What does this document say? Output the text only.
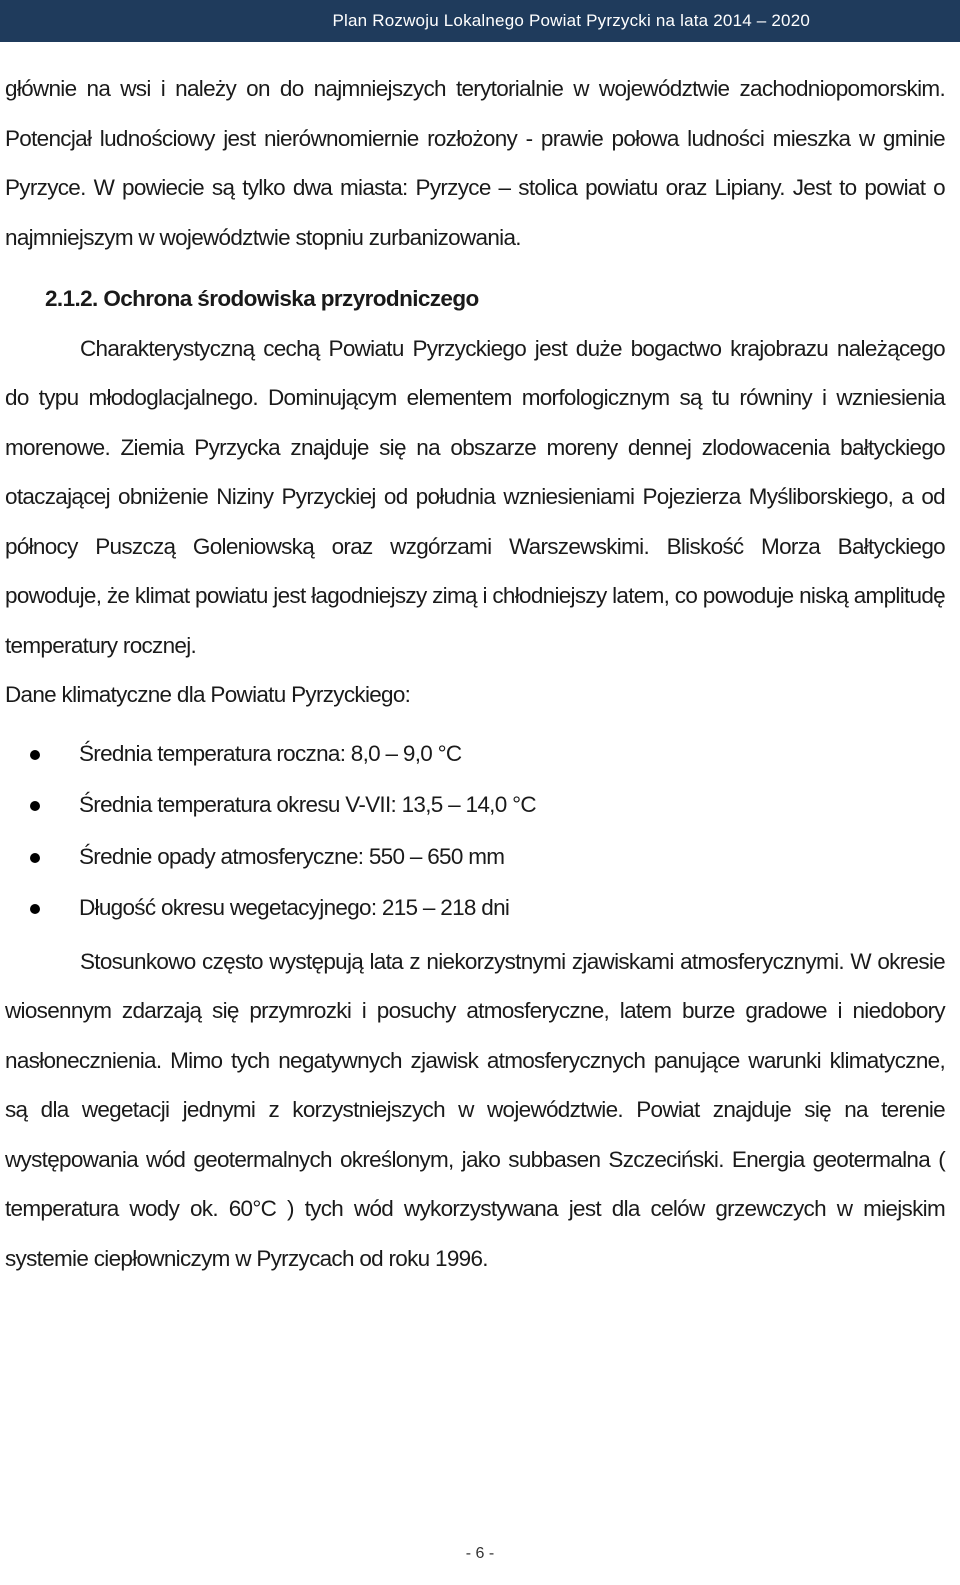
Plan Rozwoju Lokalnego Powiat Pyrzycki na lata 2014 – 2020

głównie na wsi i należy on do najmniejszych terytorialnie w województwie zachodniopomorskim. Potencjał ludnościowy jest nierównomiernie rozłożony - prawie połowa ludności mieszka w gminie Pyrzyce. W powiecie są tylko dwa miasta: Pyrzyce – stolica powiatu oraz Lipiany. Jest to powiat o najmniejszym w województwie stopniu zurbanizowania.

2.1.2. Ochrona środowiska przyrodniczego

Charakterystyczną cechą Powiatu Pyrzyckiego jest duże bogactwo krajobrazu należącego do typu młodoglacjalnego. Dominującym elementem morfologicznym są tu równiny i wzniesienia morenowe. Ziemia Pyrzycka znajduje się na obszarze moreny dennej zlodowacenia bałtyckiego otaczającej obniżenie Niziny Pyrzyckiej od południa wzniesieniami Pojezierza Myśliborskiego, a od północy Puszczą Goleniowską oraz wzgórzami Warszewskimi. Bliskość Morza Bałtyckiego powoduje, że klimat powiatu jest łagodniejszy zimą i chłodniejszy latem, co powoduje niską amplitudę temperatury rocznej.

Dane klimatyczne dla Powiatu Pyrzyckiego:

Średnia temperatura roczna: 8,0 – 9,0 °C
Średnia temperatura okresu V-VII: 13,5 – 14,0 °C
Średnie opady atmosferyczne: 550 – 650 mm
Długość okresu wegetacyjnego: 215 – 218 dni

Stosunkowo często występują lata z niekorzystnymi zjawiskami atmosferycznymi. W okresie wiosennym zdarzają się przymrozki i posuchy atmosferyczne, latem burze gradowe i niedobory nasłonecznienia. Mimo tych negatywnych zjawisk atmosferycznych panujące warunki klimatyczne, są dla wegetacji jednymi z korzystniejszych w województwie. Powiat znajduje się na terenie występowania wód geotermalnych określonym, jako subbasen Szczeciński. Energia geotermalna ( temperatura wody ok. 60°C ) tych wód wykorzystywana jest dla celów grzewczych w miejskim systemie ciepłowniczym w Pyrzycach od roku 1996.

- 6 -
